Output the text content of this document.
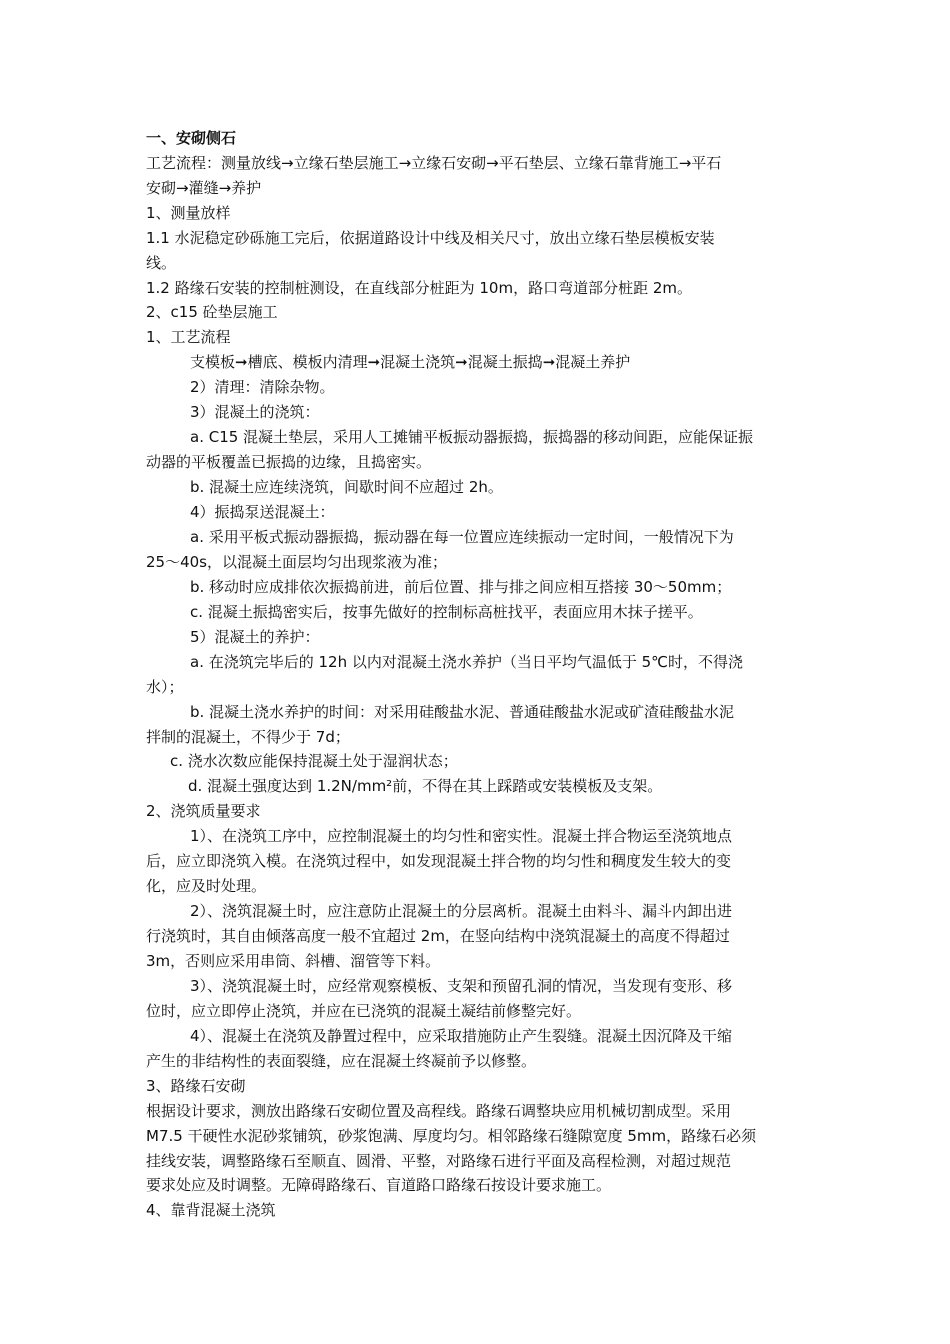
一、安砌侧石
工艺流程：测量放线→立缘石垫层施工→立缘石安砌→平石垫层、立缘石靠背施工→平石
安砌→灌缝→养护
1、测量放样
1.1 水泥稳定砂砾施工完后，依据道路设计中线及相关尺寸，放出立缘石垫层模板安装
线。
1.2 路缘石安装的控制桩测设，在直线部分桩距为 10m，路口弯道部分桩距 2m。
2、c15 砼垫层施工
1、工艺流程
支模板➞槽底、模板内清理➞混凝土浇筑➞混凝土振捣➞混凝土养护
2）清理：清除杂物。
3）混凝土的浇筑：
a. C15 混凝土垫层，采用人工摊铺平板振动器振捣，振捣器的移动间距，应能保证振
动器的平板覆盖已振捣的边缘，且捣密实。
b. 混凝土应连续浇筑，间歇时间不应超过 2h。
4）振捣泵送混凝土：
a. 采用平板式振动器振捣，振动器在每一位置应连续振动一定时间，一般情况下为
25～40s，以混凝土面层均匀出现浆液为准；
b. 移动时应成排依次振捣前进，前后位置、排与排之间应相互搭接 30～50mm；
c. 混凝土振捣密实后，按事先做好的控制标高桩找平，表面应用木抹子搓平。
5）混凝土的养护：
a. 在浇筑完毕后的 12h 以内对混凝土浇水养护（当日平均气温低于 5℃时，不得浇
水）；
b. 混凝土浇水养护的时间：对采用硅酸盐水泥、普通硅酸盐水泥或矿渣硅酸盐水泥
拌制的混凝土，不得少于 7d；
c. 浇水次数应能保持混凝土处于湿润状态；
d. 混凝土强度达到 1.2N/mm²前，不得在其上踩踏或安装模板及支架。
2、浇筑质量要求
1）、在浇筑工序中，应控制混凝土的均匀性和密实性。混凝土拌合物运至浇筑地点
后，应立即浇筑入模。在浇筑过程中，如发现混凝土拌合物的均匀性和稠度发生较大的变
化，应及时处理。
2）、浇筑混凝土时，应注意防止混凝土的分层离析。混凝土由料斗、漏斗内卸出进
行浇筑时，其自由倾落高度一般不宜超过 2m，在竖向结构中浇筑混凝土的高度不得超过
3m，否则应采用串筒、斜槽、溜管等下料。
3）、浇筑混凝土时，应经常观察模板、支架和预留孔洞的情况，当发现有变形、移
位时，应立即停止浇筑，并应在已浇筑的混凝土凝结前修整完好。
4）、混凝土在浇筑及静置过程中，应采取措施防止产生裂缝。混凝土因沉降及干缩
产生的非结构性的表面裂缝，应在混凝土终凝前予以修整。
3、路缘石安砌
根据设计要求，测放出路缘石安砌位置及高程线。路缘石调整块应用机械切割成型。采用
M7.5 干硬性水泥砂浆铺筑，砂浆饱满、厚度均匀。相邻路缘石缝隙宽度 5mm，路缘石必须
挂线安装，调整路缘石至顺直、圆滑、平整，对路缘石进行平面及高程检测，对超过规范
要求处应及时调整。无障碍路缘石、盲道路口路缘石按设计要求施工。
4、靠背混凝土浇筑
